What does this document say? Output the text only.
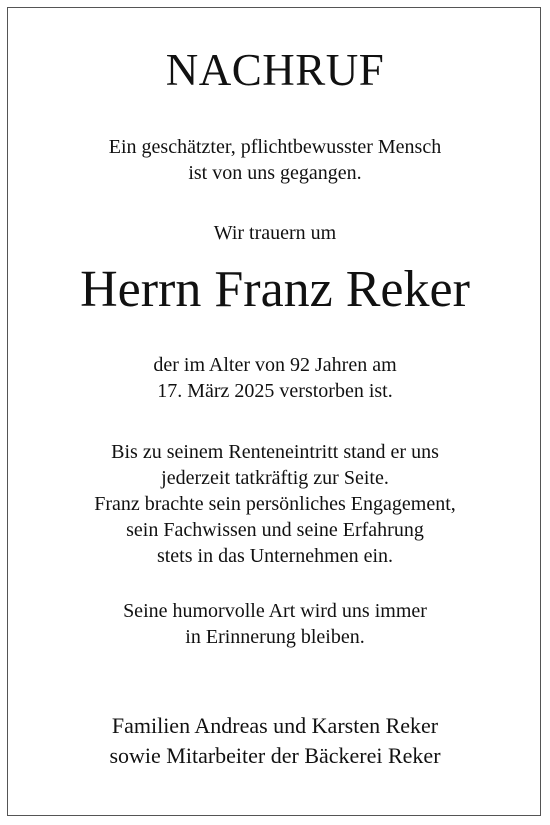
NACHRUF
Ein geschätzter, pflichtbewusster Mensch
ist von uns gegangen.
Wir trauern um
Herrn Franz Reker
der im Alter von 92 Jahren am
17. März 2025 verstorben ist.
Bis zu seinem Renteneintritt stand er uns
jederzeit tatkräftig zur Seite.
Franz brachte sein persönliches Engagement,
sein Fachwissen und seine Erfahrung
stets in das Unternehmen ein.
Seine humorvolle Art wird uns immer
in Erinnerung bleiben.
Familien Andreas und Karsten Reker
sowie Mitarbeiter der Bäckerei Reker
